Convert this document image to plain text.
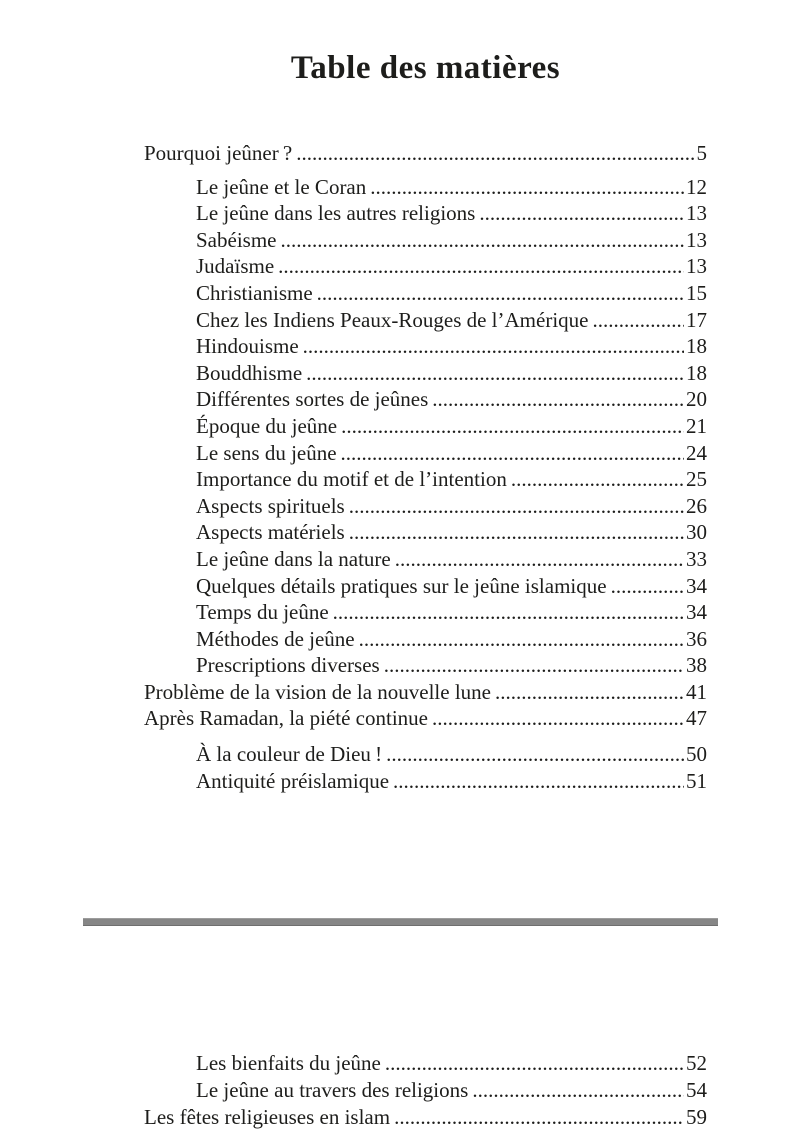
Table des matières
Pourquoi jeûner ? .....	5
Le jeûne et le Coran .....	12
Le jeûne dans les autres religions .....	13
Sabéisme .....	13
Judaïsme .....	13
Christianisme .....	15
Chez les Indiens Peaux-Rouges de l’Amérique .....	17
Hindouisme .....	18
Bouddhisme .....	18
Différentes sortes de jeûnes .....	20
Époque du jeûne .....	21
Le sens du jeûne .....	24
Importance du motif et de l’intention .....	25
Aspects spirituels .....	26
Aspects matériels .....	30
Le jeûne dans la nature .....	33
Quelques détails pratiques sur le jeûne islamique .....	34
Temps du jeûne .....	34
Méthodes de jeûne .....	36
Prescriptions diverses .....	38
Problème de la vision de la nouvelle lune .....	41
Après Ramadan, la piété continue .....	47
À la couleur de Dieu ! .....	50
Antiquité préislamique .....	51
Les bienfaits du jeûne .....	52
Le jeûne au travers des religions .....	54
Les fêtes religieuses en islam .....	59
